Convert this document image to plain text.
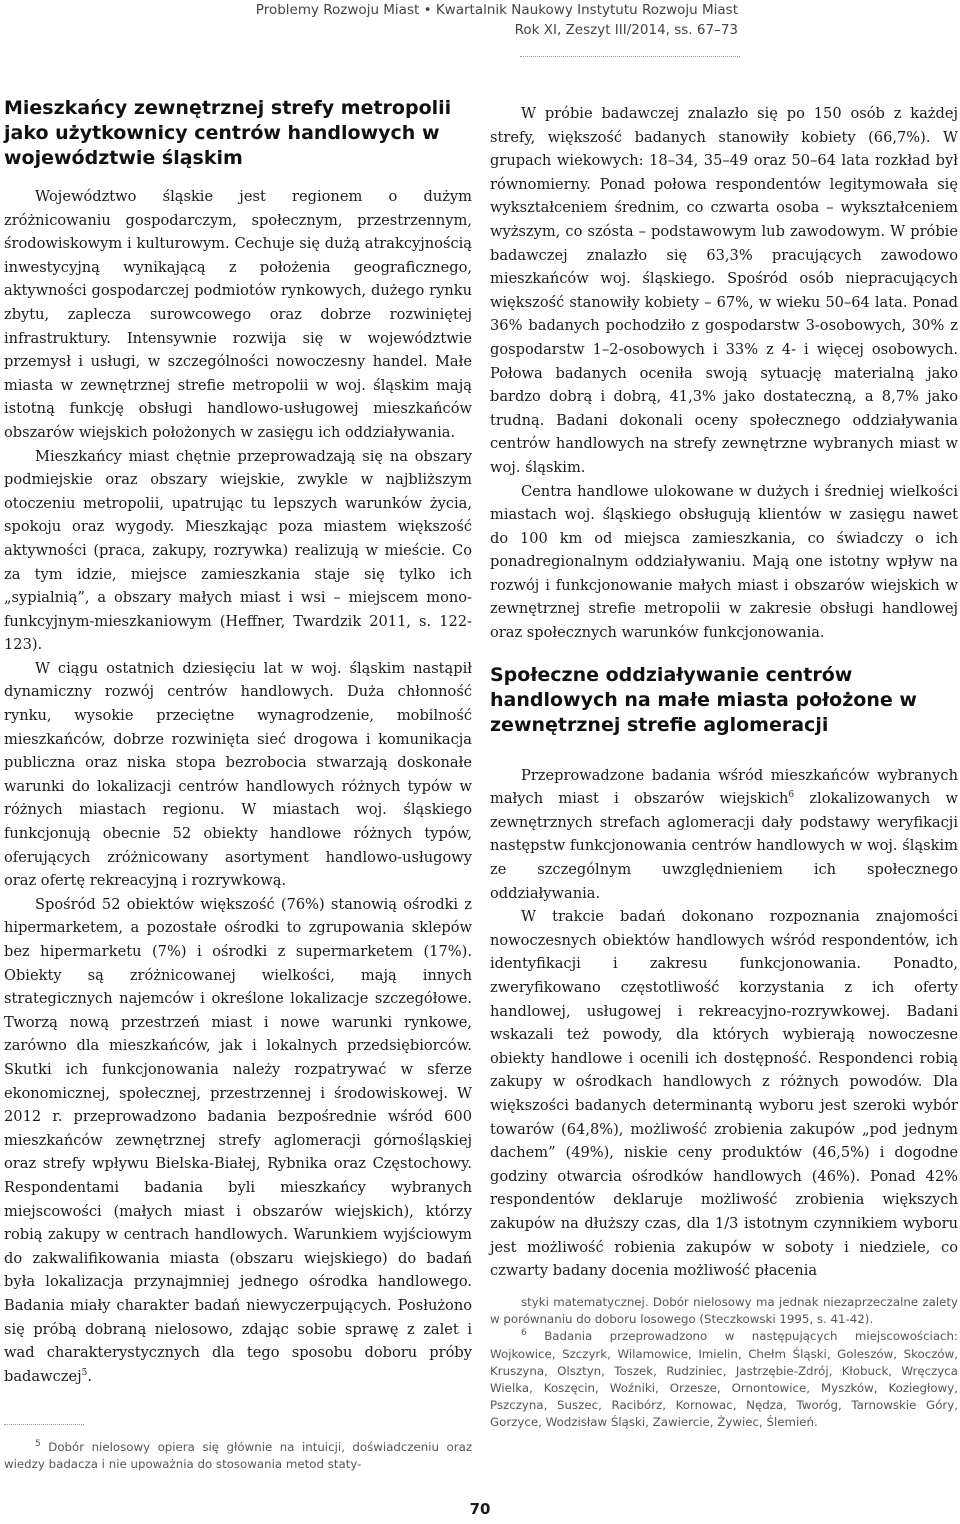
Problemy Rozwoju Miast • Kwartalnik Naukowy Instytutu Rozwoju Miast
Rok XI, Zeszyt III/2014, ss. 67–73
Mieszkańcy zewnętrznej strefy metropolii jako użytkownicy centrów handlowych w województwie śląskim

Województwo śląskie jest regionem o dużym zróżnicowaniu gospodarczym, społecznym, przestrzennym, środowiskowym i kulturowym. Cechuje się dużą atrakcyjnością inwestycyjną wynikającą z położenia geograficznego, aktywności gospodarczej podmiotów rynkowych, dużego rynku zbytu, zaplecza surowcowego oraz dobrze rozwiniętej infrastruktury. Intensywnie rozwija się w województwie przemysł i usługi, w szczególności nowoczesny handel. Małe miasta w zewnętrznej strefie metropolii w woj. śląskim mają istotną funkcję obsługi handlowo-usługowej mieszkańców obszarów wiejskich położonych w zasięgu ich oddziaływania.

Mieszkańcy miast chętnie przeprowadzają się na obszary podmiejskie oraz obszary wiejskie, zwykle w najbliższym otoczeniu metropolii, upatrując tu lepszych warunków życia, spokoju oraz wygody. Mieszkając poza miastem większość aktywności (praca, zakupy, rozrywka) realizują w mieście. Co za tym idzie, miejsce zamieszkania staje się tylko ich „sypialnią”, a obszary małych miast i wsi – miejscem mono-funkcyjnym-mieszkaniowym (Heffner, Twardzik 2011, s. 122-123).

W ciągu ostatnich dziesięciu lat w woj. śląskim nastąpił dynamiczny rozwój centrów handlowych. Duża chłonność rynku, wysokie przeciętne wynagrodzenie, mobilność mieszkańców, dobrze rozwinięta sieć drogowa i komunikacja publiczna oraz niska stopa bezrobocia stwarzają doskonałe warunki do lokalizacji centrów handlowych różnych typów w różnych miastach regionu. W miastach woj. śląskiego funkcjonują obecnie 52 obiekty handlowe różnych typów, oferujących zróżnicowany asortyment handlowo-usługowy oraz ofertę rekreacyjną i rozrywkową.

Spośród 52 obiektów większość (76%) stanowią ośrodki z hipermarketem, a pozostałe ośrodki to zgrupowania sklepów bez hipermarketu (7%) i ośrodki z supermarketem (17%). Obiekty są zróżnicowanej wielkości, mają innych strategicznych najemców i określone lokalizacje szczegółowe. Tworzą nową przestrzeń miast i nowe warunki rynkowe, zarówno dla mieszkańców, jak i lokalnych przedsiębiorców. Skutki ich funkcjonowania należy rozpatrywać w sferze ekonomicznej, społecznej, przestrzennej i środowiskowej. W 2012 r. przeprowadzono badania bezpośrednie wśród 600 mieszkańców zewnętrznej strefy aglomeracji górnośląskiej oraz strefy wpływu Bielska-Białej, Rybnika oraz Częstochowy. Respondentami badania byli mieszkańcy wybranych miejscowości (małych miast i obszarów wiejskich), którzy robią zakupy w centrach handlowych. Warunkiem wyjściowym do zakwalifikowania miasta (obszaru wiejskiego) do badań była lokalizacja przynajmniej jednego ośrodka handlowego. Badania miały charakter badań niewyczerpujących. Posłużono się próbą dobraną nielosowo, zdając sobie sprawę z zalet i wad charakterystycznych dla tego sposobu doboru próby badawczej$^5$.

$^5$ Dobór nielosowy opiera się głównie na intuicji, doświadczeniu oraz wiedzy badacza i nie upoważnia do stosowania metod staty-

W próbie badawczej znalazło się po 150 osób z każdej strefy, większość badanych stanowiły kobiety (66,7%). W grupach wiekowych: 18–34, 35–49 oraz 50–64 lata rozkład był równomierny. Ponad połowa respondentów legitymowała się wykształceniem średnim, co czwarta osoba – wykształceniem wyższym, co szósta – podstawowym lub zawodowym. W próbie badawczej znalazło się 63,3% pracujących zawodowo mieszkańców woj. śląskiego. Spośród osób niepracujących większość stanowiły kobiety – 67%, w wieku 50–64 lata. Ponad 36% badanych pochodziło z gospodarstw 3-osobowych, 30% z gospodarstw 1–2-osobowych i 33% z 4- i więcej osobowych. Połowa badanych oceniła swoją sytuację materialną jako bardzo dobrą i dobrą, 41,3% jako dostateczną, a 8,7% jako trudną. Badani dokonali oceny społecznego oddziaływania centrów handlowych na strefy zewnętrzne wybranych miast w woj. śląskim.

Centra handlowe ulokowane w dużych i średniej wielkości miastach woj. śląskiego obsługują klientów w zasięgu nawet do 100 km od miejsca zamieszkania, co świadczy o ich ponadregionalnym oddziaływaniu. Mają one istotny wpływ na rozwój i funkcjonowanie małych miast i obszarów wiejskich w zewnętrznej strefie metropolii w zakresie obsługi handlowej oraz społecznych warunków funkcjonowania.

Społeczne oddziaływanie centrów handlowych na małe miasta położone w zewnętrznej strefie aglomeracji

Przeprowadzone badania wśród mieszkańców wybranych małych miast i obszarów wiejskich$^6$ zlokalizowanych w zewnętrznych strefach aglomeracji dały podstawy weryfikacji następstw funkcjonowania centrów handlowych w woj. śląskim ze szczególnym uwzględnieniem ich społecznego oddziaływania.

W trakcie badań dokonano rozpoznania znajomości nowoczesnych obiektów handlowych wśród respondentów, ich identyfikacji i zakresu funkcjonowania. Ponadto, zweryfikowano częstotliwość korzystania z ich oferty handlowej, usługowej i rekreacyjno-rozrywkowej. Badani wskazali też powody, dla których wybierają nowoczesne obiekty handlowe i ocenili ich dostępność. Respondenci robią zakupy w ośrodkach handlowych z różnych powodów. Dla większości badanych determinantą wyboru jest szeroki wybór towarów (64,8%), możliwość zrobienia zakupów „pod jednym dachem” (49%), niskie ceny produktów (46,5%) i dogodne godziny otwarcia ośrodków handlowych (46%). Ponad 42% respondentów deklaruje możliwość zrobienia większych zakupów na dłuższy czas, dla 1/3 istotnym czynnikiem wyboru jest możliwość robienia zakupów w soboty i niedziele, co czwarty badany docenia możliwość płacenia

styki matematycznej. Dobór nielosowy ma jednak niezaprzeczalne zalety w porównaniu do doboru losowego (Steczkowski 1995, s. 41-42).

$^6$ Badania przeprowadzono w następujących miejscowościach: Wojkowice, Szczyrk, Wilamowice, Imielin, Chełm Śląski, Goleszów, Skoczów, Kruszyna, Olsztyn, Toszek, Rudziniec, Jastrzębie-Zdrój, Kłobuck, Wręczyca Wielka, Koszęcin, Woźniki, Orzesze, Ornontowice, Myszków, Koziegłowy, Pszczyna, Suszec, Racibórz, Kornowac, Nędza, Tworóg, Tarnowskie Góry, Gorzyce, Wodzisław Śląski, Zawiercie, Żywiec, Ślemień.

70
